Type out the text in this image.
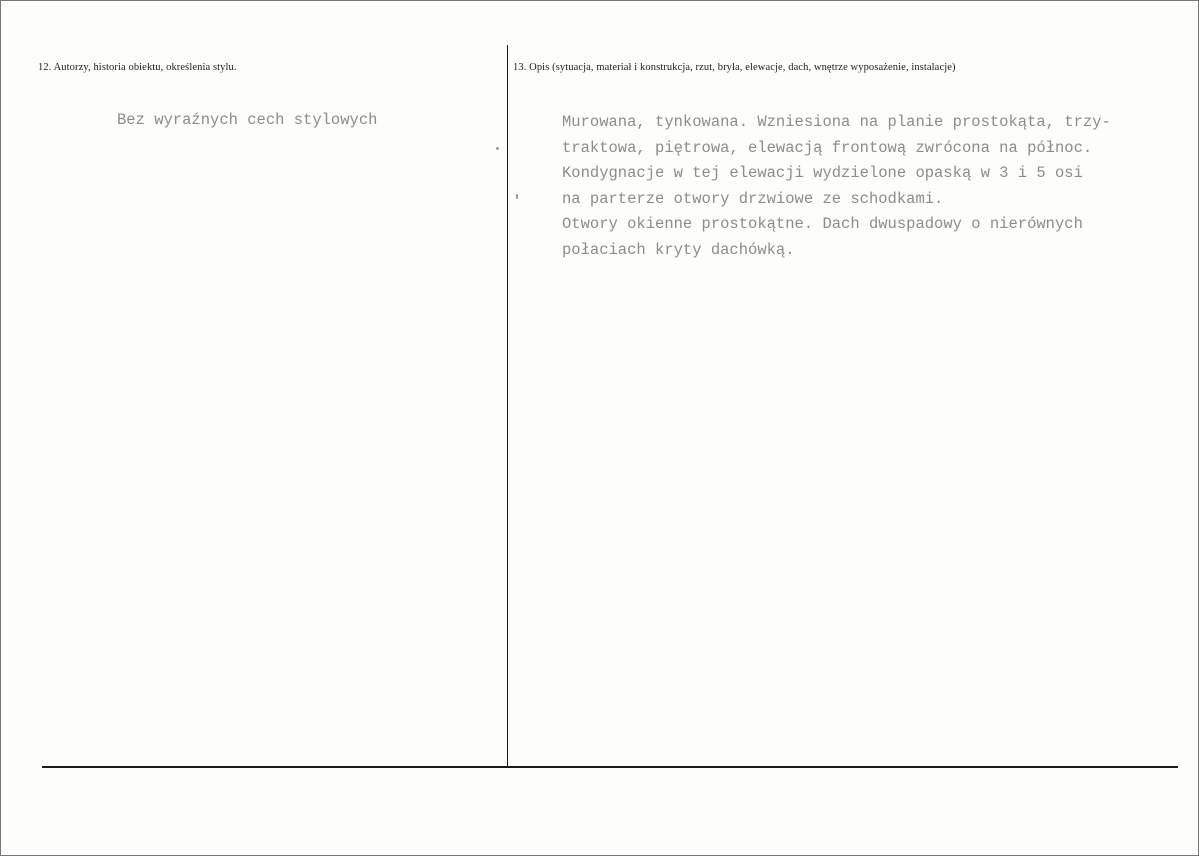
12. Autorzy, historia obiektu, określenia stylu.	13. Opis (sytuacja, materiał i konstrukcja, rzut, bryła, elewacje, dach, wnętrze wyposażenie, instalacje)
Bez wyraźnych cech stylowych	Murowana, tynkowana. Wzniesiona na planie prostokąta, trzy-
traktowa, piętrowa, elewacją frontową zwrócona na północ.
Kondygnacje w tej elewacji wydzielone opaską w 3 i 5 osi
na parterze otwory drzwiowe ze schodkami.
Otwory okienne prostokątne. Dach dwuspadowy o nierównych
połaciach kryty dachówką.
